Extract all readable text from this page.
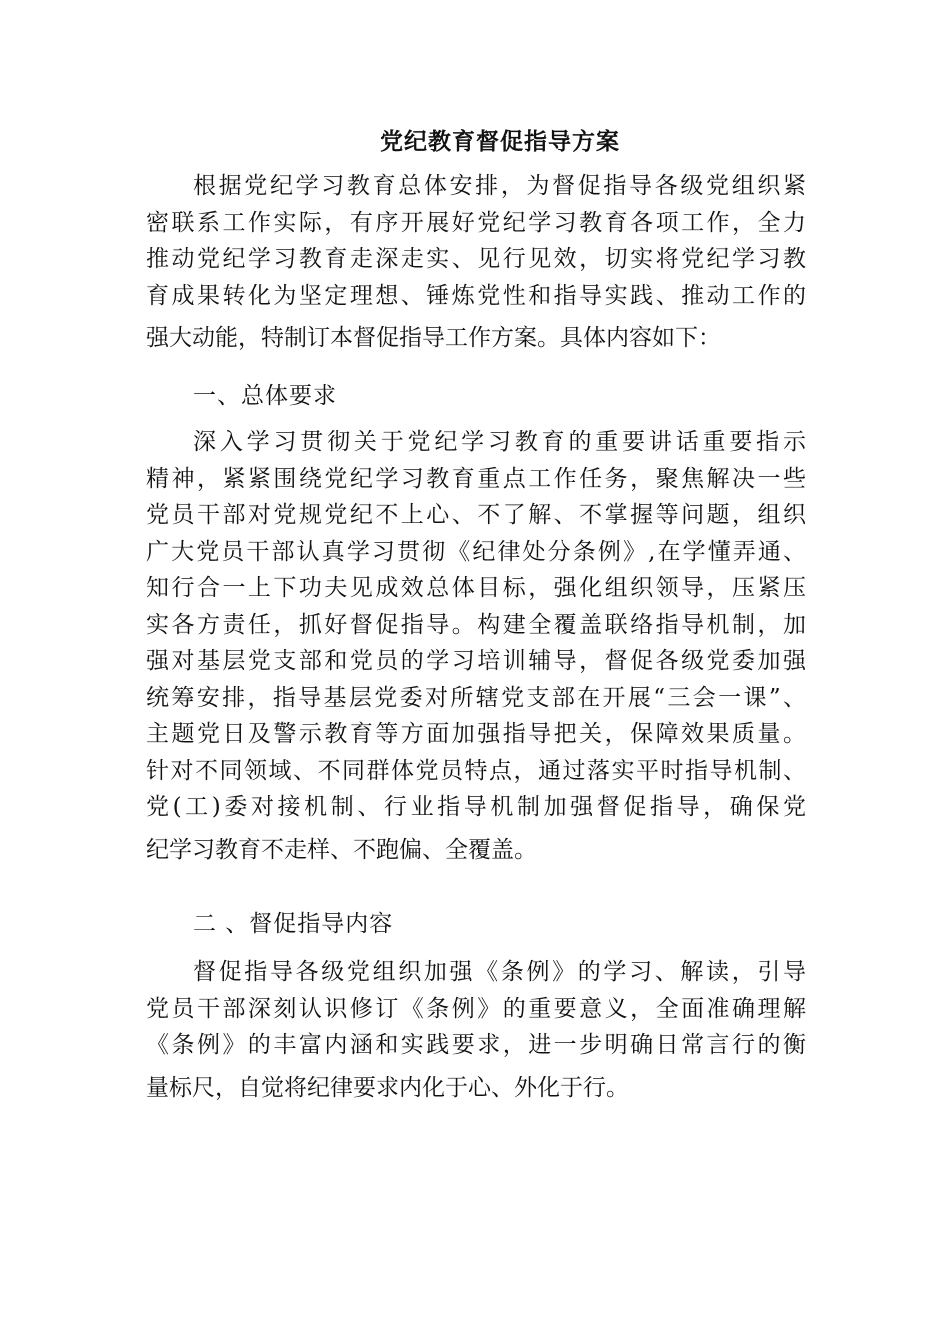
党纪教育督促指导方案
根据党纪学习教育总体安排，为督促指导各级党组织紧
密联系工作实际，有序开展好党纪学习教育各项工作，全力
推动党纪学习教育走深走实、见行见效，切实将党纪学习教
育成果转化为坚定理想、锤炼党性和指导实践、推动工作的
强大动能，特制订本督促指导工作方案。具体内容如下：
一、总体要求
深入学习贯彻关于党纪学习教育的重要讲话重要指示
精神，紧紧围绕党纪学习教育重点工作任务，聚焦解决一些
党员干部对党规党纪不上心、不了解、不掌握等问题，组织
广大党员干部认真学习贯彻《纪律处分条例》,在学懂弄通、
知行合一上下功夫见成效总体目标，强化组织领导，压紧压
实各方责任，抓好督促指导。构建全覆盖联络指导机制，加
强对基层党支部和党员的学习培训辅导，督促各级党委加强
统筹安排，指导基层党委对所辖党支部在开展“三会一课”、
主题党日及警示教育等方面加强指导把关，保障效果质量。
针对不同领域、不同群体党员特点，通过落实平时指导机制、
党(工)委对接机制、行业指导机制加强督促指导，确保党
纪学习教育不走样、不跑偏、全覆盖。
二 、督促指导内容
督促指导各级党组织加强《条例》的学习、解读，引导
党员干部深刻认识修订《条例》的重要意义，全面准确理解
《条例》的丰富内涵和实践要求，进一步明确日常言行的衡
量标尺，自觉将纪律要求内化于心、外化于行。
